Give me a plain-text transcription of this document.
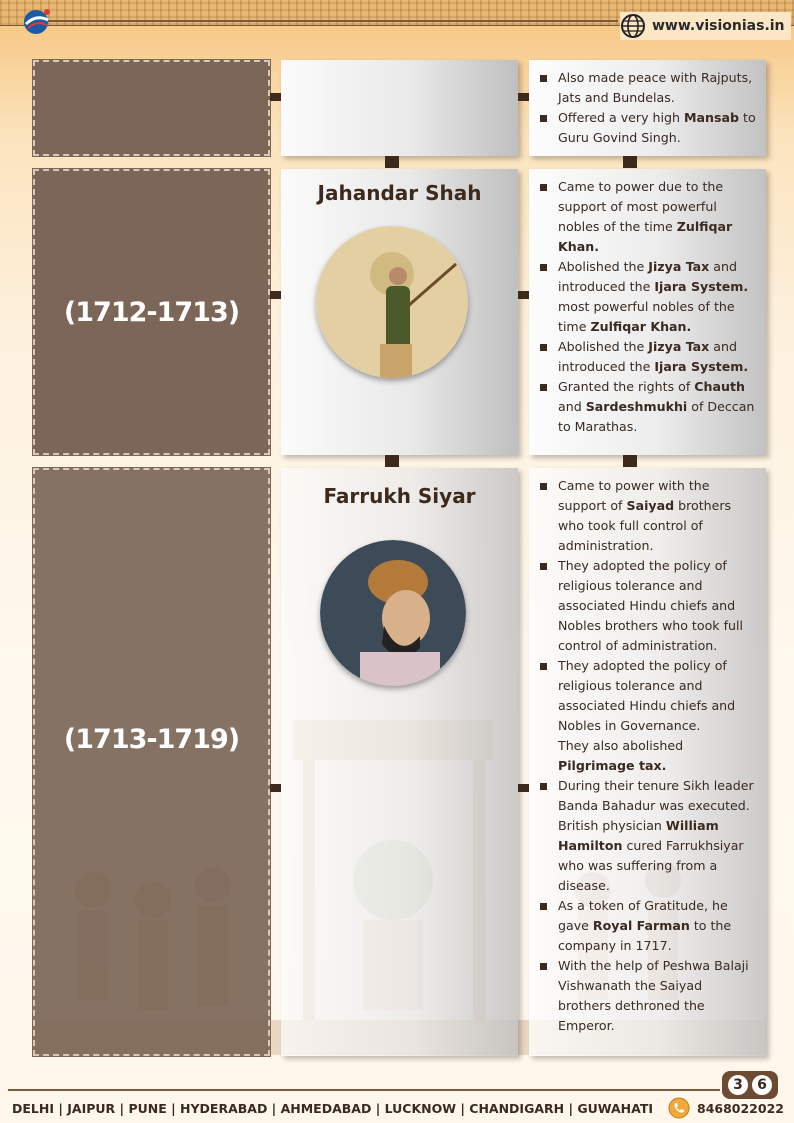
www.visionias.in
Also made peace with Rajputs, Jats and Bundelas.
Offered a very high Mansab to Guru Govind Singh.
(1712-1713)
Jahandar Shah	Came to power due to the support of most powerful nobles of the time Zulfiqar Khan.
Abolished the Jizya Tax and introduced the Ijara System. most powerful nobles of the time Zulfiqar Khan.
Abolished the Jizya Tax and introduced the Ijara System.
Granted the rights of Chauth and Sardeshmukhi of Deccan to Marathas.
(1713-1719)
Farrukh Siyar	Came to power with the support of Saiyad brothers who took full control of administration.
They adopted the policy of religious tolerance and associated Hindu chiefs and Nobles brothers who took full control of administration.
They adopted the policy of religious tolerance and associated Hindu chiefs and Nobles in Governance.
They also abolished Pilgrimage tax.
During their tenure Sikh leader Banda Bahadur was executed. British physician William Hamilton cured Farrukhsiyar who was suffering from a disease.
As a token of Gratitude, he gave Royal Farman to the company in 1717.
With the help of Peshwa Balaji Vishwanath the Saiyad brothers dethroned the Emperor.
3	6
DELHI | JAIPUR | PUNE | HYDERABAD | AHMEDABAD | LUCKNOW | CHANDIGARH | GUWAHATI	8468022022
